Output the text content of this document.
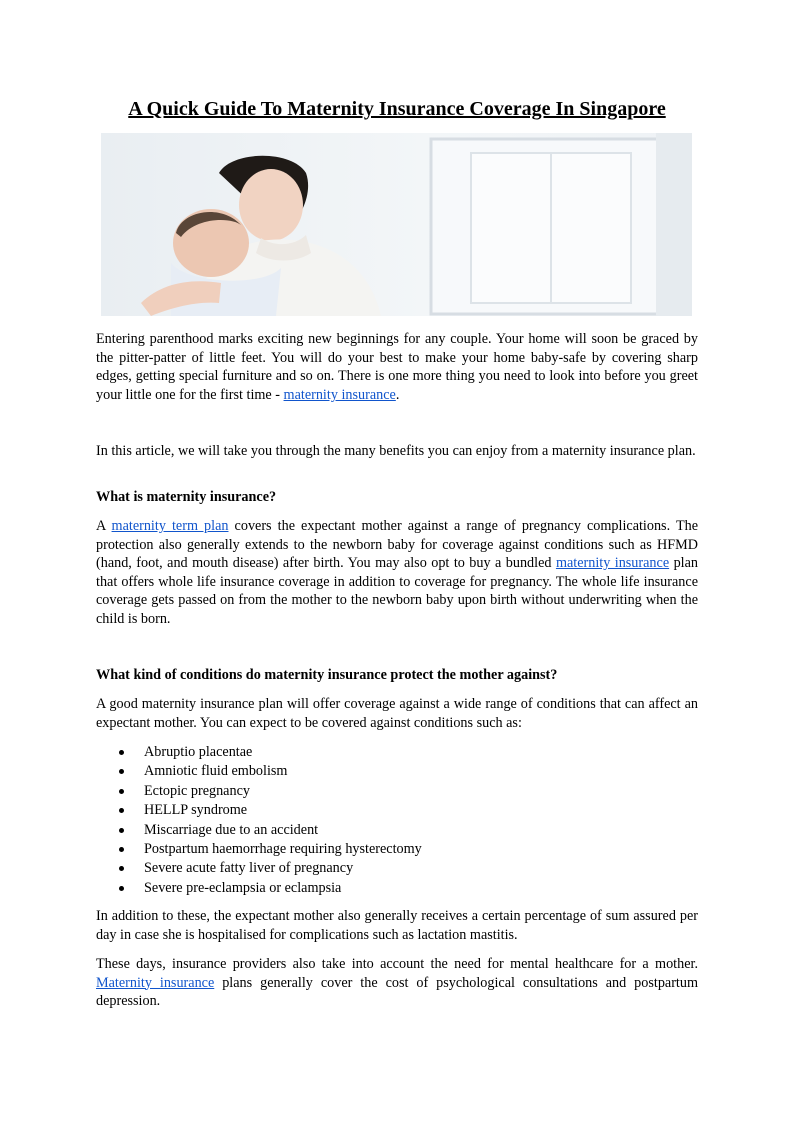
A Quick Guide To Maternity Insurance Coverage In Singapore

Entering parenthood marks exciting new beginnings for any couple. Your home will soon be graced by the pitter-patter of little feet. You will do your best to make your home baby-safe by covering sharp edges, getting special furniture and so on. There is one more thing you need to look into before you greet your little one for the first time - maternity insurance.

In this article, we will take you through the many benefits you can enjoy from a maternity insurance plan.

What is maternity insurance?

A maternity term plan covers the expectant mother against a range of pregnancy complications. The protection also generally extends to the newborn baby for coverage against conditions such as HFMD (hand, foot, and mouth disease) after birth. You may also opt to buy a bundled maternity insurance plan that offers whole life insurance coverage in addition to coverage for pregnancy. The whole life insurance coverage gets passed on from the mother to the newborn baby upon birth without underwriting when the child is born.

What kind of conditions do maternity insurance protect the mother against?

A good maternity insurance plan will offer coverage against a wide range of conditions that can affect an expectant mother. You can expect to be covered against conditions such as:

Abruptio placentae
Amniotic fluid embolism
Ectopic pregnancy
HELLP syndrome
Miscarriage due to an accident
Postpartum haemorrhage requiring hysterectomy
Severe acute fatty liver of pregnancy
Severe pre-eclampsia or eclampsia

In addition to these, the expectant mother also generally receives a certain percentage of sum assured per day in case she is hospitalised for complications such as lactation mastitis.

These days, insurance providers also take into account the need for mental healthcare for a mother. Maternity insurance plans generally cover the cost of psychological consultations and postpartum depression.
